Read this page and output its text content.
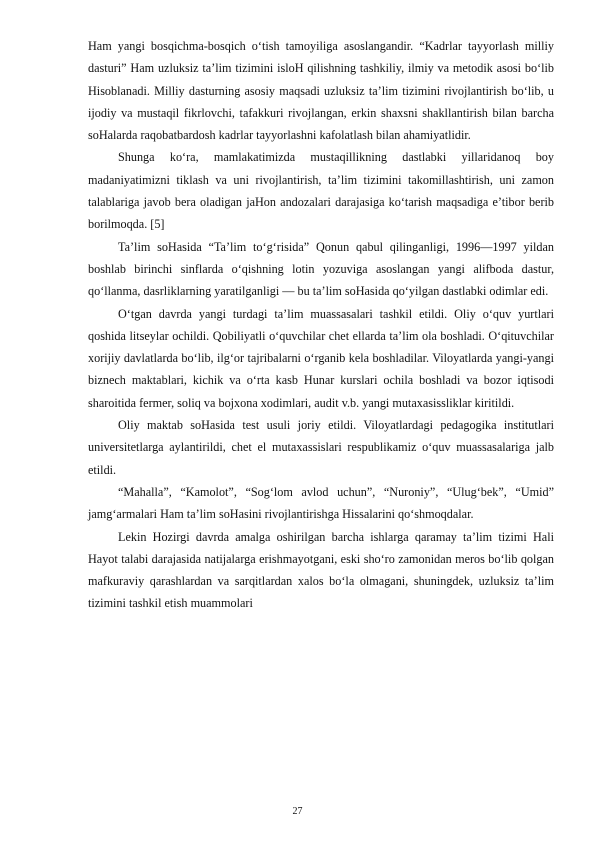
Ham yangi bosqichma-bosqich o‘tish tamoyiliga asoslangandir. “Kadrlar tayyorlash milliy dasturi” Ham uzluksiz ta’lim tizimini isloH qilishning tashkiliy, ilmiy va metodik asosi bo‘lib Hisoblanadi. Milliy dasturning asosiy maqsadi uzluksiz ta’lim tizimini rivojlantirish bo‘lib, u ijodiy va mustaqil fikrlovchi, tafakkuri rivojlangan, erkin shaxsni shakllantirish bilan barcha soHalarda raqobatbardosh kadrlar tayyorlashni kafolatlash bilan ahamiyatlidir.

Shunga ko‘ra, mamlakatimizda mustaqillikning dastlabki yillaridanoq boy madaniyatimizni tiklash va uni rivojlantirish, ta’lim tizimini takomillashtirish, uni zamon talablariga javob bera oladigan jaHon andozalari darajasiga ko‘tarish maqsadiga e’tibor berib borilmoqda. [5]

Ta’lim soHasida “Ta’lim to‘g‘risida” Qonun qabul qilinganligi, 1996—1997 yildan boshlab birinchi sinflarda o‘qishning lotin yozuviga asoslangan yangi alifboda dastur, qo‘llanma, dasrliklarning yaratilganligi — bu ta’lim soHasida qo‘yilgan dastlabki odimlar edi.

O‘tgan davrda yangi turdagi ta’lim muassasalari tashkil etildi. Oliy o‘quv yurtlari qoshida litseylar ochildi. Qobiliyatli o‘quvchilar chet ellarda ta’lim ola boshladi. O‘qituvchilar xorijiy davlatlarda bo‘lib, ilg‘or tajribalarni o‘rganib kela boshladilar. Viloyatlarda yangi-yangi biznech maktablari, kichik va o‘rta kasb Hunar kurslari ochila boshladi va bozor iqtisodi sharoitida fermer, soliq va bojxona xodimlari, audit v.b. yangi mutaxasissliklar kiritildi.

Oliy maktab soHasida test usuli joriy etildi. Viloyatlardagi pedagogika institutlari universitetlarga aylantirildi, chet el mutaxassislari respublikamiz o‘quv muassasalariga jalb etildi.

“Mahalla”, “Kamolot”, “Sog‘lom avlod uchun”, “Nuroniy”, “Ulug‘bek”, “Umid” jamg‘armalari Ham ta’lim soHasini rivojlantirishga Hissalarini qo‘shmoqdalar.

Lekin Hozirgi davrda amalga oshirilgan barcha ishlarga qaramay ta’lim tizimi Hali Hayot talabi darajasida natijalarga erishmayotgani, eski sho‘ro zamonidan meros bo‘lib qolgan mafkuraviy qarashlardan va sarqitlardan xalos bo‘la olmagani, shuningdek, uzluksiz ta’lim tizimini tashkil etish muammolari

27
